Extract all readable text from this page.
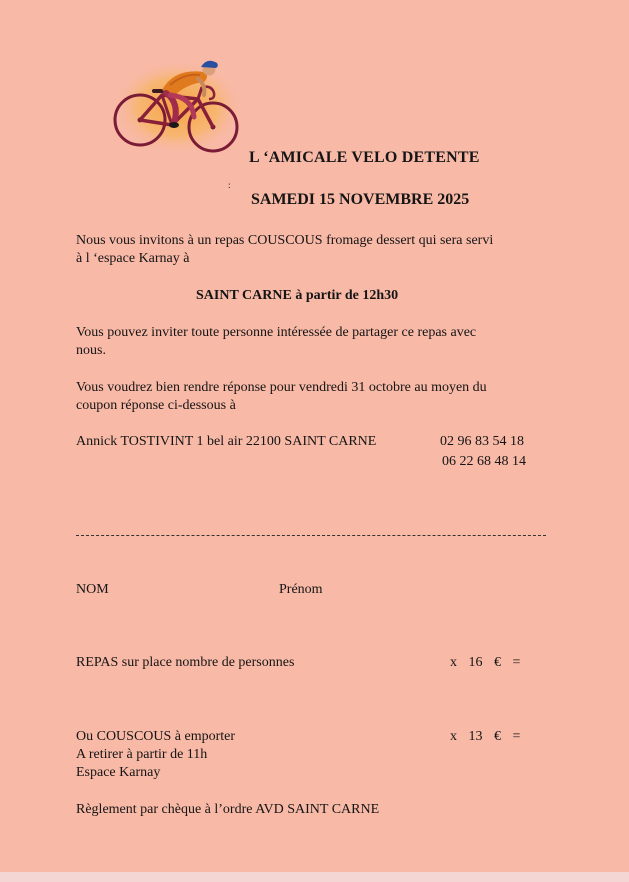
L ‘AMICALE VELO DETENTE
:
SAMEDI 15 NOVEMBRE 2025
Nous vous invitons à un repas COUSCOUS fromage dessert qui sera servi
à l ‘espace Karnay à
SAINT CARNE à partir de 12h30
Vous pouvez inviter toute personne intéressée de partager ce repas avec
nous.
Vous voudrez bien rendre réponse pour vendredi 31 octobre au moyen du
coupon réponse ci-dessous à
Annick TOSTIVINT 1 bel air 22100 SAINT CARNE	02 96 83 54 18
06 22 68 48 14
NOM	Prénom
REPAS sur place nombre de personnes	x 16 € =
Ou COUSCOUS à emporter	x 13 € =
A retirer à partir de 11h
Espace Karnay
Règlement par chèque à l’ordre AVD SAINT CARNE
